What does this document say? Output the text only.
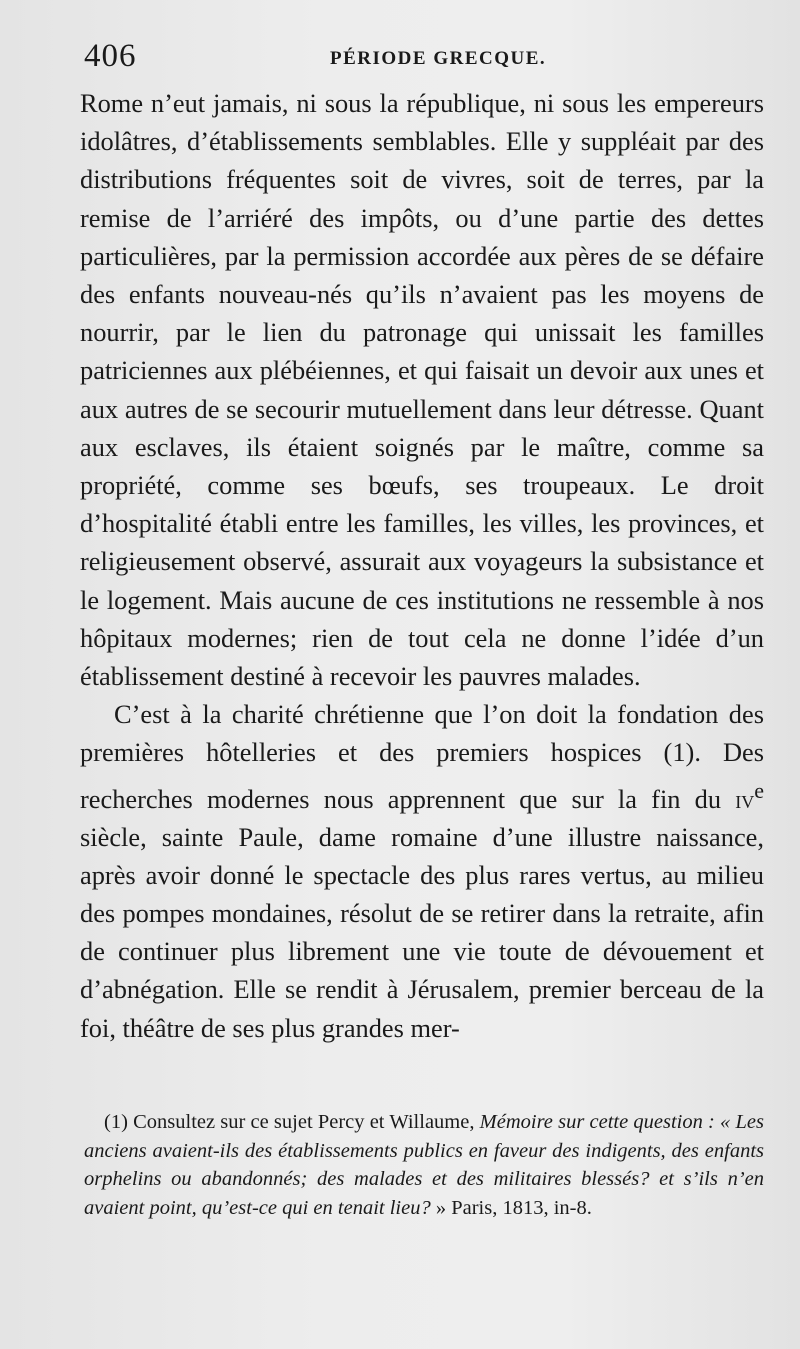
406	PÉRIODE GRECQUE.

Rome n’eut jamais, ni sous la république, ni sous les empereurs idolâtres, d’établissements semblables. Elle y suppléait par des distributions fréquentes soit de vivres, soit de terres, par la remise de l’arriéré des impôts, ou d’une partie des dettes particulières, par la permission accordée aux pères de se défaire des enfants nouveau-nés qu’ils n’avaient pas les moyens de nourrir, par le lien du patronage qui unissait les familles patriciennes aux plébéiennes, et qui faisait un devoir aux unes et aux autres de se secourir mutuellement dans leur détresse. Quant aux esclaves, ils étaient soignés par le maître, comme sa propriété, comme ses bœufs, ses troupeaux. Le droit d’hospitalité établi entre les familles, les villes, les provinces, et religieusement observé, assurait aux voyageurs la subsistance et le logement. Mais aucune de ces institutions ne ressemble à nos hôpitaux modernes; rien de tout cela ne donne l’idée d’un établissement destiné à recevoir les pauvres malades.

C’est à la charité chrétienne que l’on doit la fondation des premières hôtelleries et des premiers hospices (1). Des recherches modernes nous apprennent que sur la fin du $iv^e$ siècle, sainte Paule, dame romaine d’une illustre naissance, après avoir donné le spectacle des plus rares vertus, au milieu des pompes mondaines, résolut de se retirer dans la retraite, afin de continuer plus librement une vie toute de dévouement et d’abnégation. Elle se rendit à Jérusalem, premier berceau de la foi, théâtre de ses plus grandes mer-

(1) Consultez sur ce sujet Percy et Willaume, Mémoire sur cette question : « Les anciens avaient-ils des établissements publics en faveur des indigents, des enfants orphelins ou abandonnés; des malades et des militaires blessés? et s’ils n’en avaient point, qu’est-ce qui en tenait lieu? » Paris, 1813, in-8.
